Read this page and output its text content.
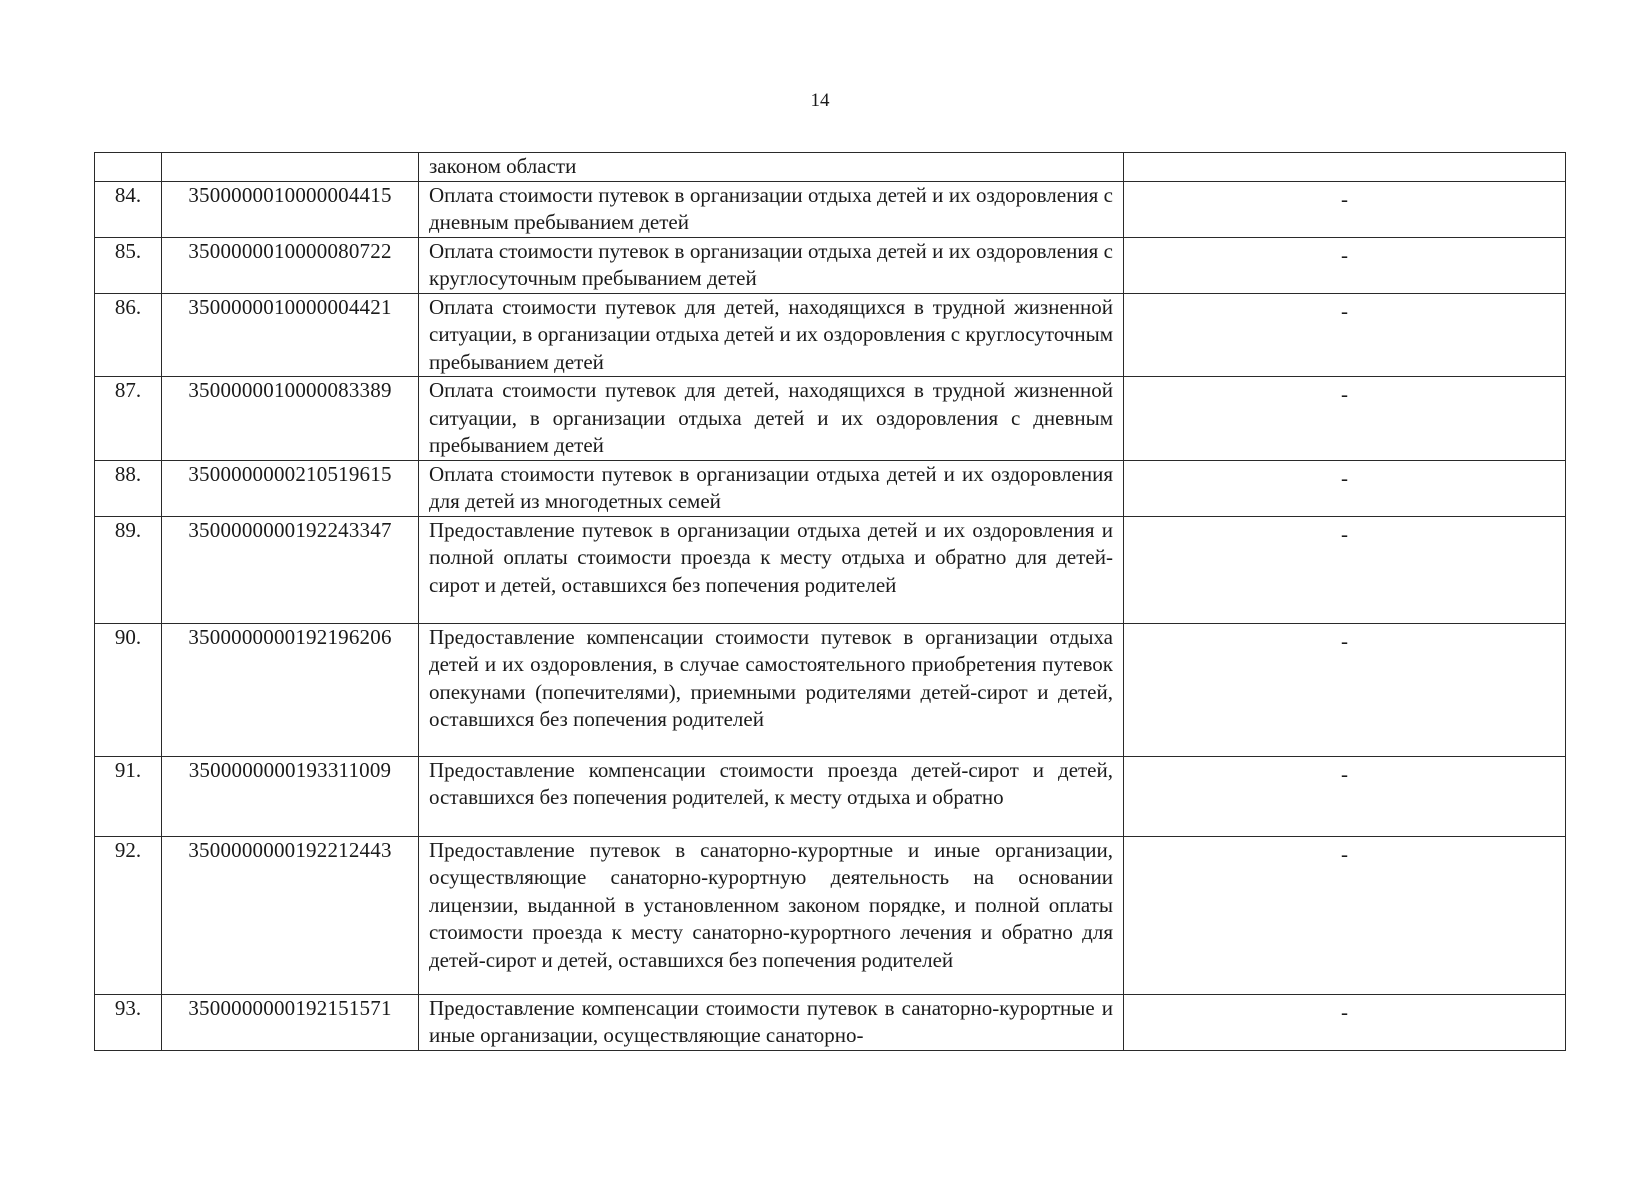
14
		законом области	
84.	3500000010000004415	Оплата стоимости путевок в организации отдыха детей и их оздоровления с дневным пребыванием детей	-
85.	3500000010000080722	Оплата стоимости путевок в организации отдыха детей и их оздоровления с круглосуточным пребыванием детей	-
86.	3500000010000004421	Оплата стоимости путевок для детей, находящихся в трудной жизненной ситуации, в организации отдыха детей и их оздоровления с круглосуточным пребыванием детей	-
87.	3500000010000083389	Оплата стоимости путевок для детей, находящихся в трудной жизненной ситуации, в организации отдыха детей и их оздоровления с дневным пребыванием детей	-
88.	3500000000210519615	Оплата стоимости путевок в организации отдыха детей и их оздоровления для детей из многодетных семей	-
89.	3500000000192243347	Предоставление путевок в организации отдыха детей и их оздоровления и полной оплаты стоимости проезда к месту отдыха и обратно для детей-сирот и детей, оставшихся без попечения родителей	-
90.	3500000000192196206	Предоставление компенсации стоимости путевок в организации отдыха детей и их оздоровления, в случае самостоятельного приобретения путевок опекунами (попечителями), приемными родителями детей-сирот и детей, оставшихся без попечения родителей	-
91.	3500000000193311009	Предоставление компенсации стоимости проезда детей-сирот и детей, оставшихся без попечения родителей, к месту отдыха и обратно	-
92.	3500000000192212443	Предоставление путевок в санаторно-курортные и иные организации, осуществляющие санаторно-курортную деятельность на основании лицензии, выданной в установленном законом порядке, и полной оплаты стоимости проезда к месту санаторно-курортного лечения и обратно для детей-сирот и детей, оставшихся без попечения родителей	-
93.	3500000000192151571	Предоставление компенсации стоимости путевок в санаторно-курортные и иные организации, осуществляющие санаторно-	-
